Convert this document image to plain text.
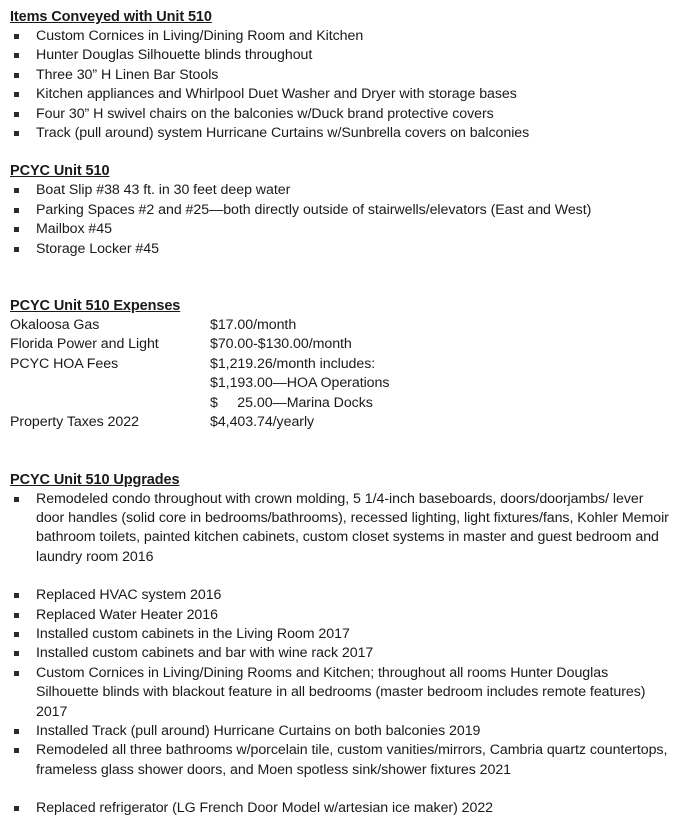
Items Conveyed with Unit 510
Custom Cornices in Living/Dining Room and Kitchen
Hunter Douglas Silhouette blinds throughout
Three 30” H Linen Bar Stools
Kitchen appliances and Whirlpool Duet Washer and Dryer with storage bases
Four 30” H swivel chairs on the balconies w/Duck brand protective covers
Track (pull around) system Hurricane Curtains w/Sunbrella covers on balconies
PCYC Unit 510
Boat Slip #38 43 ft. in 30 feet deep water
Parking Spaces #2 and #25—both directly outside of stairwells/elevators (East and West)
Mailbox #45
Storage Locker #45
PCYC Unit 510 Expenses
Okaloosa Gas	$17.00/month
Florida Power and Light	$70.00-$130.00/month
PCYC HOA Fees	$1,219.26/month includes:
	$1,193.00—HOA Operations
	$     25.00—Marina Docks
Property Taxes 2022	$4,403.74/yearly
PCYC Unit 510 Upgrades
Remodeled condo throughout with crown molding, 5 1/4-inch baseboards, doors/doorjambs/ lever door handles (solid core in bedrooms/bathrooms), recessed lighting, light fixtures/fans, Kohler Memoir bathroom toilets, painted kitchen cabinets, custom closet systems in master and guest bedroom and laundry room 2016
Replaced HVAC system 2016
Replaced Water Heater 2016
Installed custom cabinets in the Living Room 2017
Installed custom cabinets and bar with wine rack 2017
Custom Cornices in Living/Dining Rooms and Kitchen; throughout all rooms Hunter Douglas Silhouette blinds with blackout feature in all bedrooms (master bedroom includes remote features) 2017
Installed Track (pull around) Hurricane Curtains on both balconies 2019
Remodeled all three bathrooms w/porcelain tile, custom vanities/mirrors, Cambria quartz countertops, frameless glass shower doors, and Moen spotless sink/shower fixtures 2021
Replaced refrigerator (LG French Door Model w/artesian ice maker) 2022
